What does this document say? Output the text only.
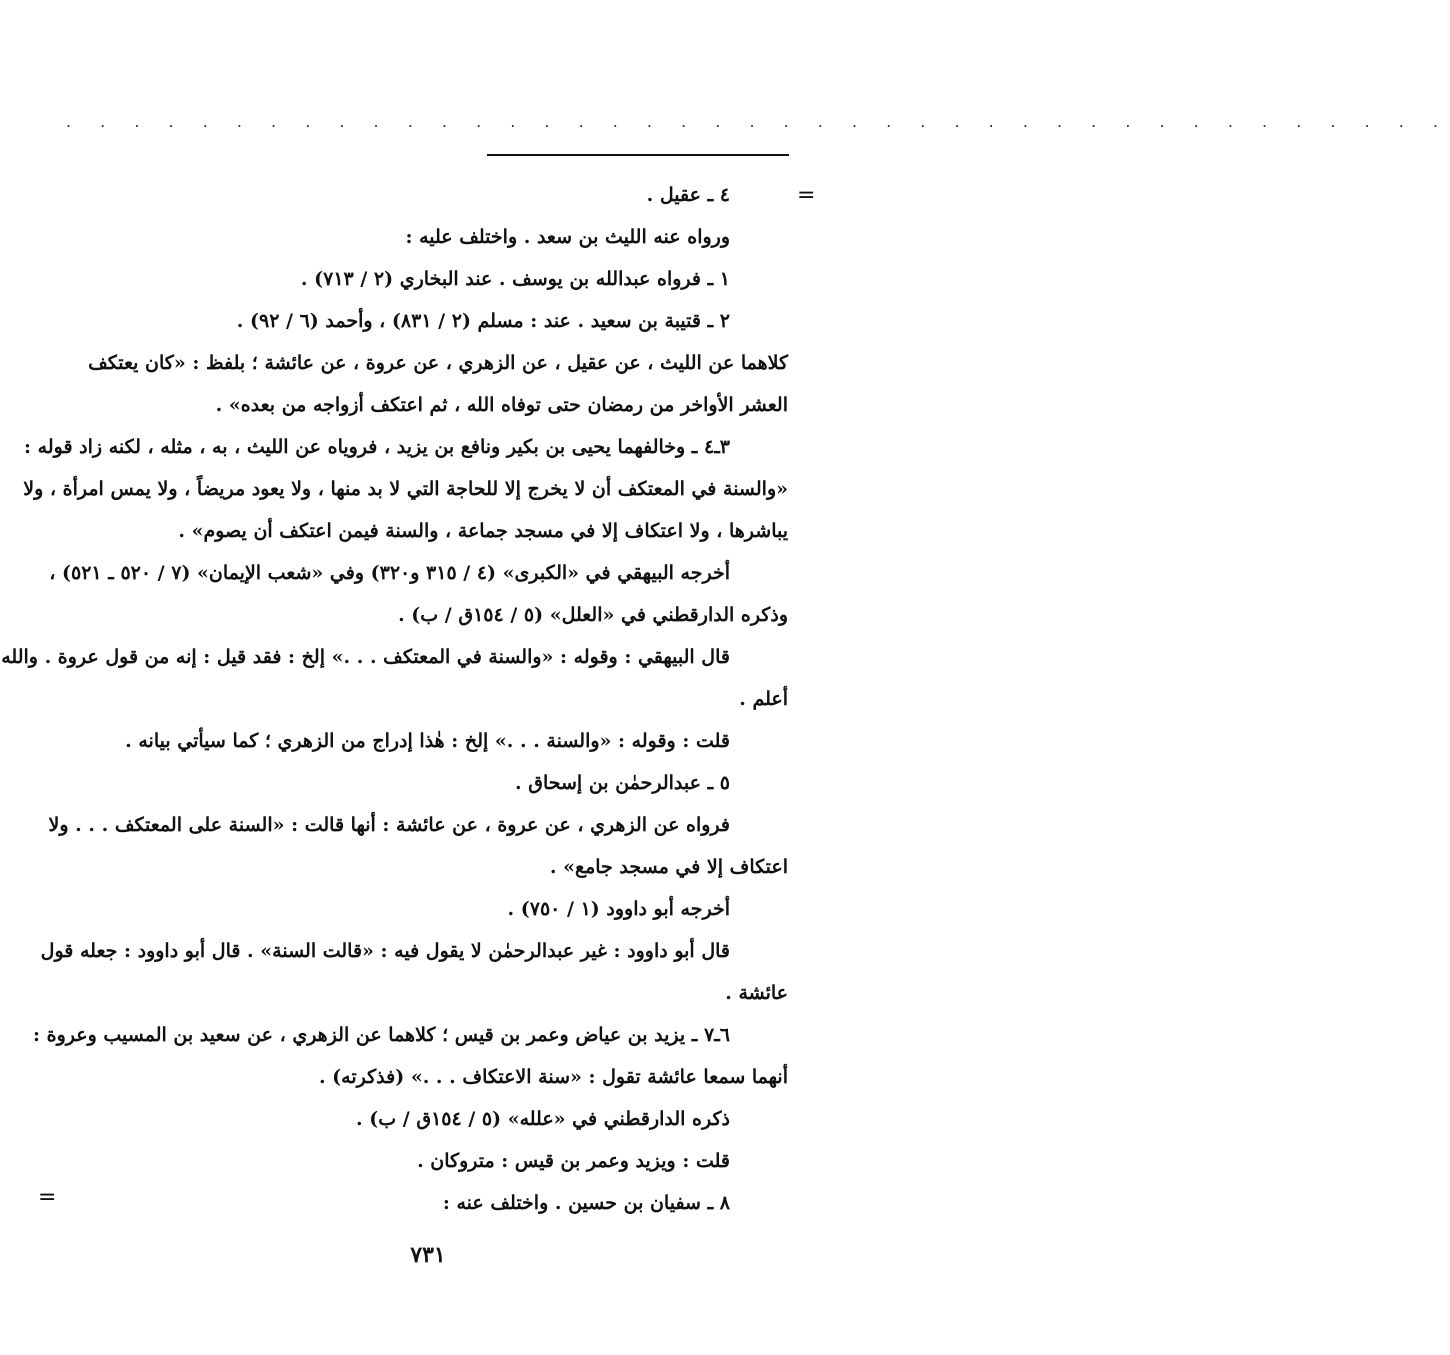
. . . . . . . . . . . . . . . . . . . . . . . . . . . . . . . . . . . . . . . . .
=
=
٤ ـ عقيل .
ورواه عنه الليث بن سعد . واختلف عليه :
١ ـ فرواه عبدالله بن يوسف . عند البخاري (٢ / ٧١٣) .
٢ ـ قتيبة بن سعيد . عند : مسلم (٢ / ٨٣١) ، وأحمد (٦ / ٩٢) .
كلاهما عن الليث ، عن عقيل ، عن الزهري ، عن عروة ، عن عائشة ؛ بلفظ : «كان يعتكف
العشر الأواخر من رمضان حتى توفاه الله ، ثم اعتكف أزواجه من بعده» .
٣ـ٤ ـ وخالفهما يحيى بن بكير ونافع بن يزيد ، فروياه عن الليث ، به ، مثله ، لكنه زاد قوله :
«والسنة في المعتكف أن لا يخرج إلا للحاجة التي لا بد منها ، ولا يعود مريضاً ، ولا يمس امرأة ، ولا
يباشرها ، ولا اعتكاف إلا في مسجد جماعة ، والسنة فيمن اعتكف أن يصوم» .
أخرجه البيهقي في «الكبرى» (٤ / ٣١٥ و٣٢٠) وفي «شعب الإيمان» (٧ / ٥٢٠ ـ ٥٢١) ،
وذكره الدارقطني في «العلل» (٥ / ١٥٤ق / ب) .
قال البيهقي : وقوله : «والسنة في المعتكف . . .» إلخ : فقد قيل : إنه من قول عروة . والله
أعلم .
قلت : وقوله : «والسنة . . .» إلخ : هٰذا إدراج من الزهري ؛ كما سيأتي بيانه .
٥ ـ عبدالرحمٰن بن إسحاق .
فرواه عن الزهري ، عن عروة ، عن عائشة : أنها قالت : «السنة على المعتكف . . . ولا
اعتكاف إلا في مسجد جامع» .
أخرجه أبو داوود (١ / ٧٥٠) .
قال أبو داوود : غير عبدالرحمٰن لا يقول فيه : «قالت السنة» . قال أبو داوود : جعله قول
عائشة .
٦ـ٧ ـ يزيد بن عياض وعمر بن قيس ؛ كلاهما عن الزهري ، عن سعيد بن المسيب وعروة :
أنهما سمعا عائشة تقول : «سنة الاعتكاف . . .» (فذكرته) .
ذكره الدارقطني في «علله» (٥ / ١٥٤ق / ب) .
قلت : ويزيد وعمر بن قيس : متروكان .
٨ ـ سفيان بن حسين . واختلف عنه :
٧٣١
